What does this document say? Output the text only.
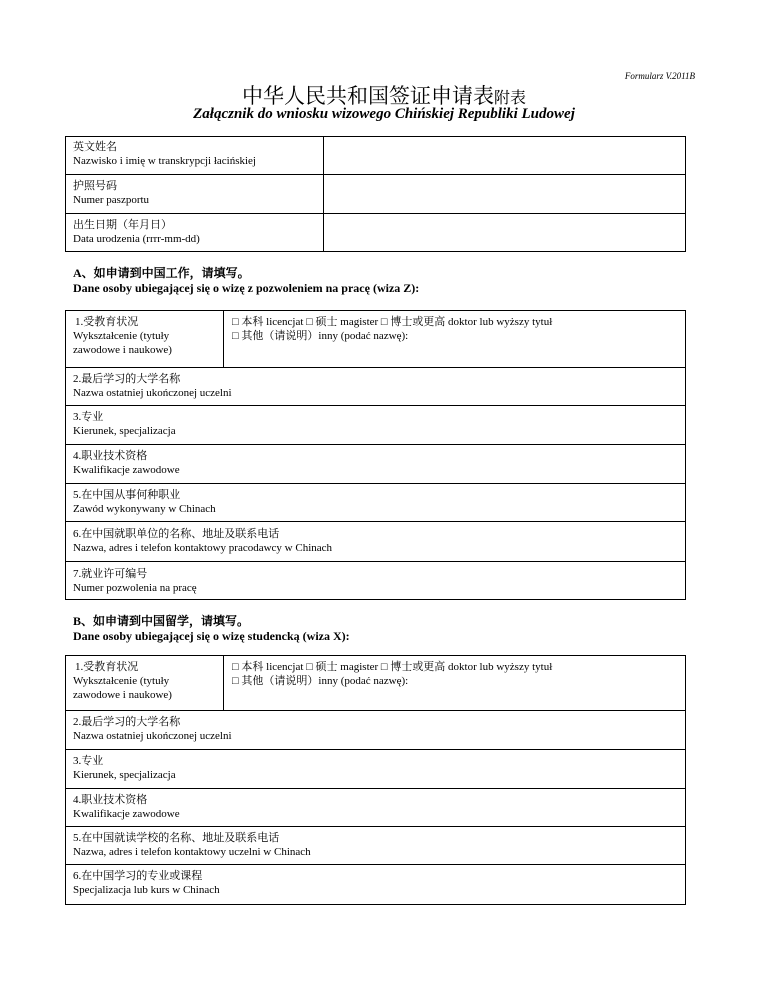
Formularz V.2011B
中华人民共和国签证申请表附表
Załącznik do wniosku wizowego Chińskiej Republiki Ludowej
英文姓名
Nazwisko i imię w transkrypcji łacińskiej
护照号码
Numer paszportu
出生日期（年月日）
Data urodzenia (rrrr-mm-dd)
A、如申请到中国工作，请填写。
Dane osoby ubiegającej się o wizę z pozwoleniem na pracę (wiza Z):
1.受教育状况
Wykształcenie (tytuły zawodowe i naukowe)
□ 本科 licencjat □ 硕士 magister □ 博士或更高 doktor lub wyższy tytuł
□ 其他（请说明）inny (podać nazwę):
2.最后学习的大学名称
Nazwa ostatniej ukończonej uczelni
3.专业
Kierunek, specjalizacja
4.职业技术资格
Kwalifikacje zawodowe
5.在中国从事何种职业
Zawód wykonywany w Chinach
6.在中国就职单位的名称、地址及联系电话
Nazwa, adres i telefon kontaktowy pracodawcy w Chinach
7.就业许可编号
Numer pozwolenia na pracę
B、如申请到中国留学，请填写。
Dane osoby ubiegającej się o wizę studencką (wiza X):
1.受教育状况
Wykształcenie (tytuły zawodowe i naukowe)
□ 本科 licencjat □ 硕士 magister □ 博士或更高 doktor lub wyższy tytuł
□ 其他（请说明）inny (podać nazwę):
2.最后学习的大学名称
Nazwa ostatniej ukończonej uczelni
3.专业
Kierunek, specjalizacja
4.职业技术资格
Kwalifikacje zawodowe
5.在中国就读学校的名称、地址及联系电话
Nazwa, adres i telefon kontaktowy uczelni w Chinach
6.在中国学习的专业或课程
Specjalizacja lub kurs w Chinach
